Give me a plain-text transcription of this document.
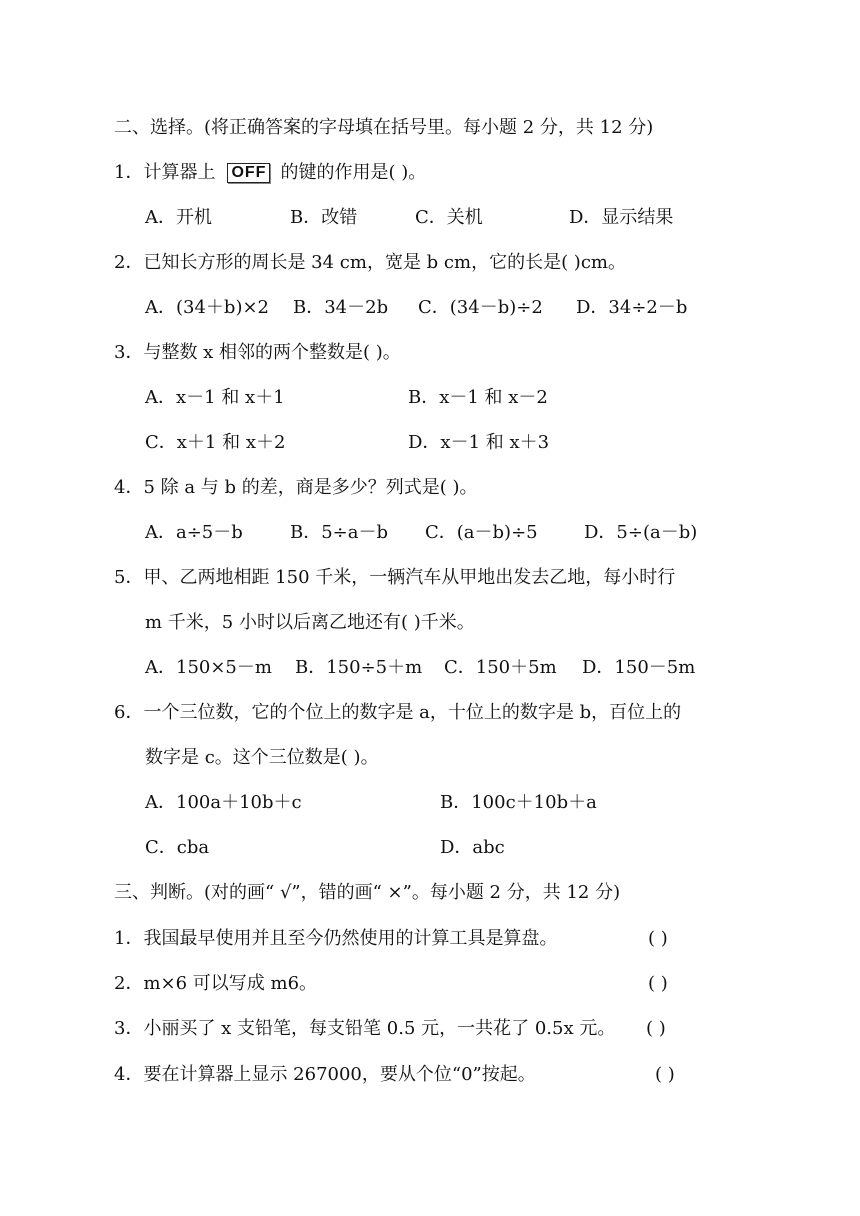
二、选择。(将正确答案的字母填在括号里。每小题 2 分，共 12 分)
1．计算器上 OFF 的键的作用是( )。
A．开机	B．改错	C．关机	D．显示结果
2．已知长方形的周长是 34 cm，宽是 b cm，它的长是( )cm。
A．(34＋b)×2 B．34－2b C．(34－b)÷2 D．34÷2－b
3．与整数 x 相邻的两个整数是( )。
A．x－1 和 x＋1	B．x－1 和 x－2
C．x＋1 和 x＋2	D．x－1 和 x＋3
4．5 除 a 与 b 的差，商是多少？列式是( )。
A．a÷5－b	B．5÷a－b C．(a－b)÷5	D．5÷(a－b)
5．甲、乙两地相距 150 千米，一辆汽车从甲地出发去乙地，每小时行
m 千米，5 小时以后离乙地还有( )千米。
A．150×5－m B．150÷5＋m C．150＋5m D．150－5m
6．一个三位数，它的个位上的数字是 a，十位上的数字是 b，百位上的
数字是 c。这个三位数是( )。
A．100a＋10b＋c	B．100c＋10b＋a
C．cba	D．abc
三、判断。(对的画“ √”，错的画“ ×”。每小题 2 分，共 12 分)
1．我国最早使用并且至今仍然使用的计算工具是算盘。	( )
2．m×6 可以写成 m6。	( )
3．小丽买了 x 支铅笔，每支铅笔 0.5 元，一共花了 0.5x 元。 ( )
4．要在计算器上显示 267000，要从个位“0”按起。	( )
